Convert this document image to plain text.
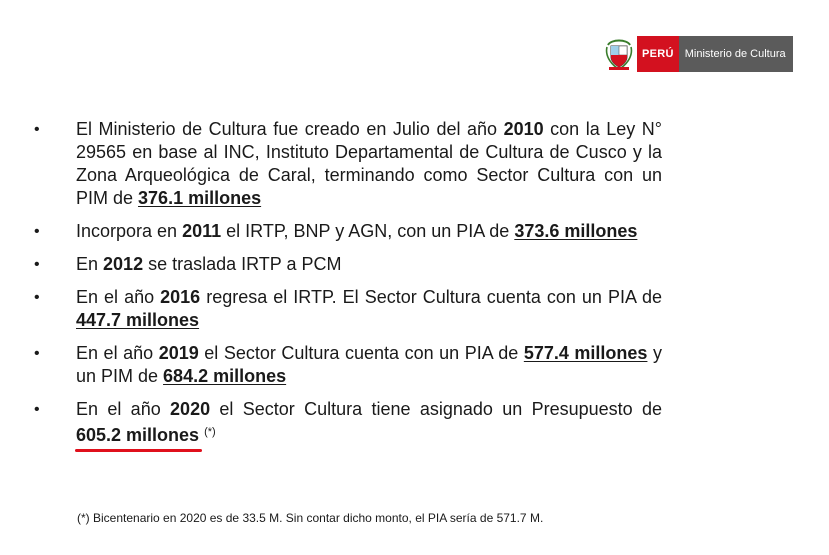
PERÚ	Ministerio de Cultura
• El Ministerio de Cultura fue creado en Julio del año 2010 con la Ley N° 29565 en base al INC, Instituto Departamental de Cultura de Cusco y la Zona Arqueológica de Caral, terminando como Sector Cultura con un PIM de 376.1 millones
• Incorpora en 2011 el IRTP, BNP y AGN, con un PIA de 373.6 millones
• En 2012 se traslada IRTP a PCM
• En el año 2016 regresa el IRTP. El Sector Cultura cuenta con un PIA de 447.7 millones
• En el año 2019 el Sector Cultura cuenta con un PIA de 577.4 millones y un PIM de 684.2 millones
• En el año 2020 el Sector Cultura tiene asignado un Presupuesto de 605.2 millones (*)
(*) Bicentenario en 2020 es de 33.5 M. Sin contar dicho monto, el PIA sería de 571.7 M.
